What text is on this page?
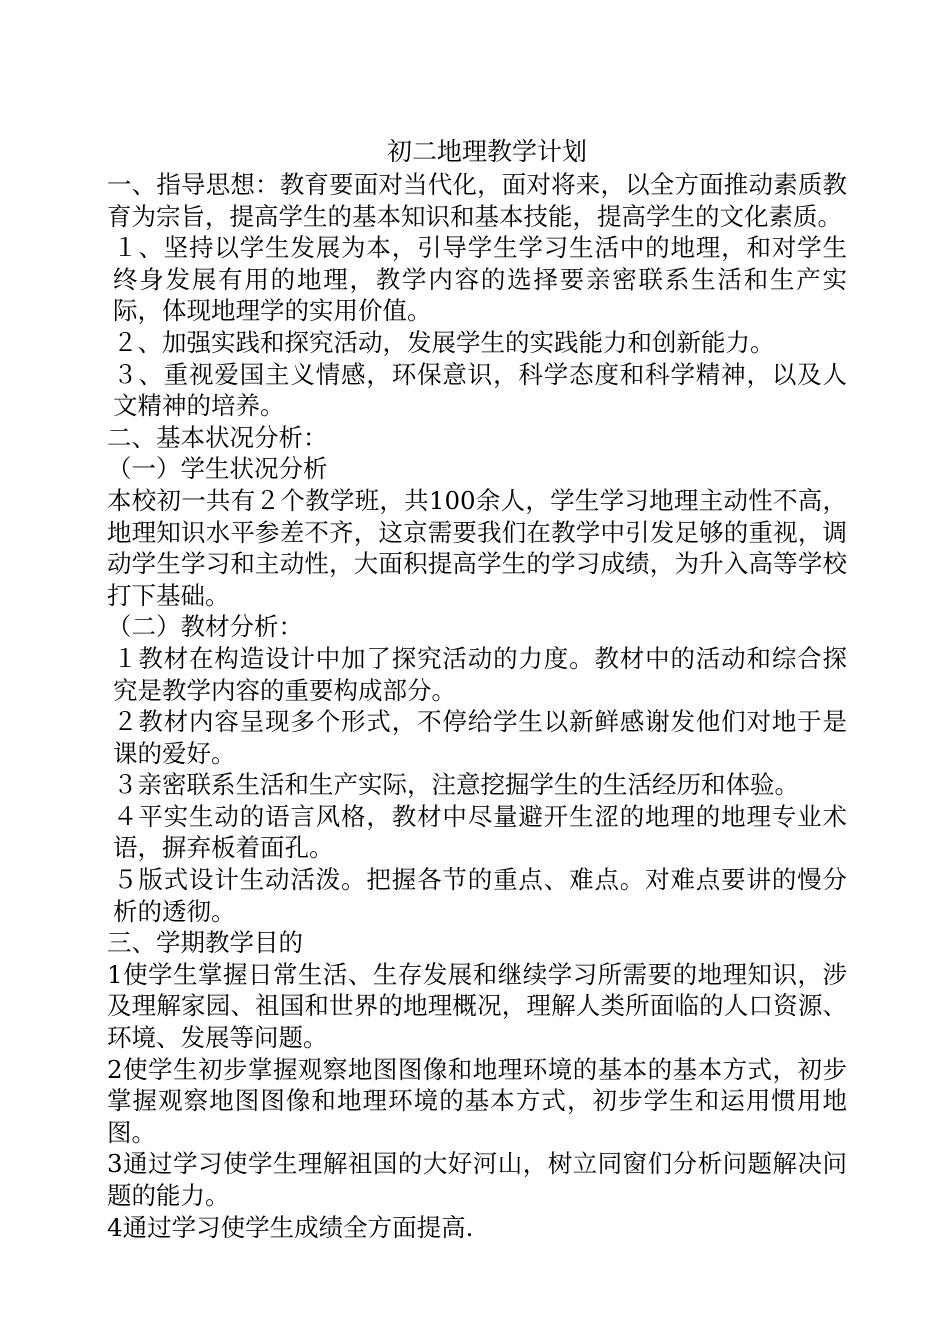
初二地理教学计划

一、指导思想：教育要面对当代化，面对将来，以全方面推动素质教育为宗旨，提高学生的基本知识和基本技能，提高学生的文化素质。

１、坚持以学生发展为本，引导学生学习生活中的地理，和对学生终身发展有用的地理，教学内容的选择要亲密联系生活和生产实际，体现地理学的实用价值。

２、加强实践和探究活动，发展学生的实践能力和创新能力。

３、重视爱国主义情感，环保意识，科学态度和科学精神，以及人文精神的培养。

二、基本状况分析：

（一）学生状况分析

本校初一共有２个教学班，共100余人，学生学习地理主动性不高，地理知识水平参差不齐，这京需要我们在教学中引发足够的重视，调动学生学习和主动性，大面积提高学生的学习成绩，为升入高等学校打下基础。

（二）教材分析：

１教材在构造设计中加了探究活动的力度。教材中的活动和综合探究是教学内容的重要构成部分。

２教材内容呈现多个形式，不停给学生以新鲜感谢发他们对地于是课的爱好。

３亲密联系生活和生产实际，注意挖掘学生的生活经历和体验。

４平实生动的语言风格，教材中尽量避开生涩的地理的地理专业术语，摒弃板着面孔。

５版式设计生动活泼。把握各节的重点、难点。对难点要讲的慢分析的透彻。

三、学期教学目的

1使学生掌握日常生活、生存发展和继续学习所需要的地理知识，涉及理解家园、祖国和世界的地理概况，理解人类所面临的人口资源、环境、发展等问题。

2使学生初步掌握观察地图图像和地理环境的基本的基本方式，初步掌握观察地图图像和地理环境的基本方式，初步学生和运用惯用地图。

3通过学习使学生理解祖国的大好河山，树立同窗们分析问题解决问题的能力。

4通过学习使学生成绩全方面提高.
